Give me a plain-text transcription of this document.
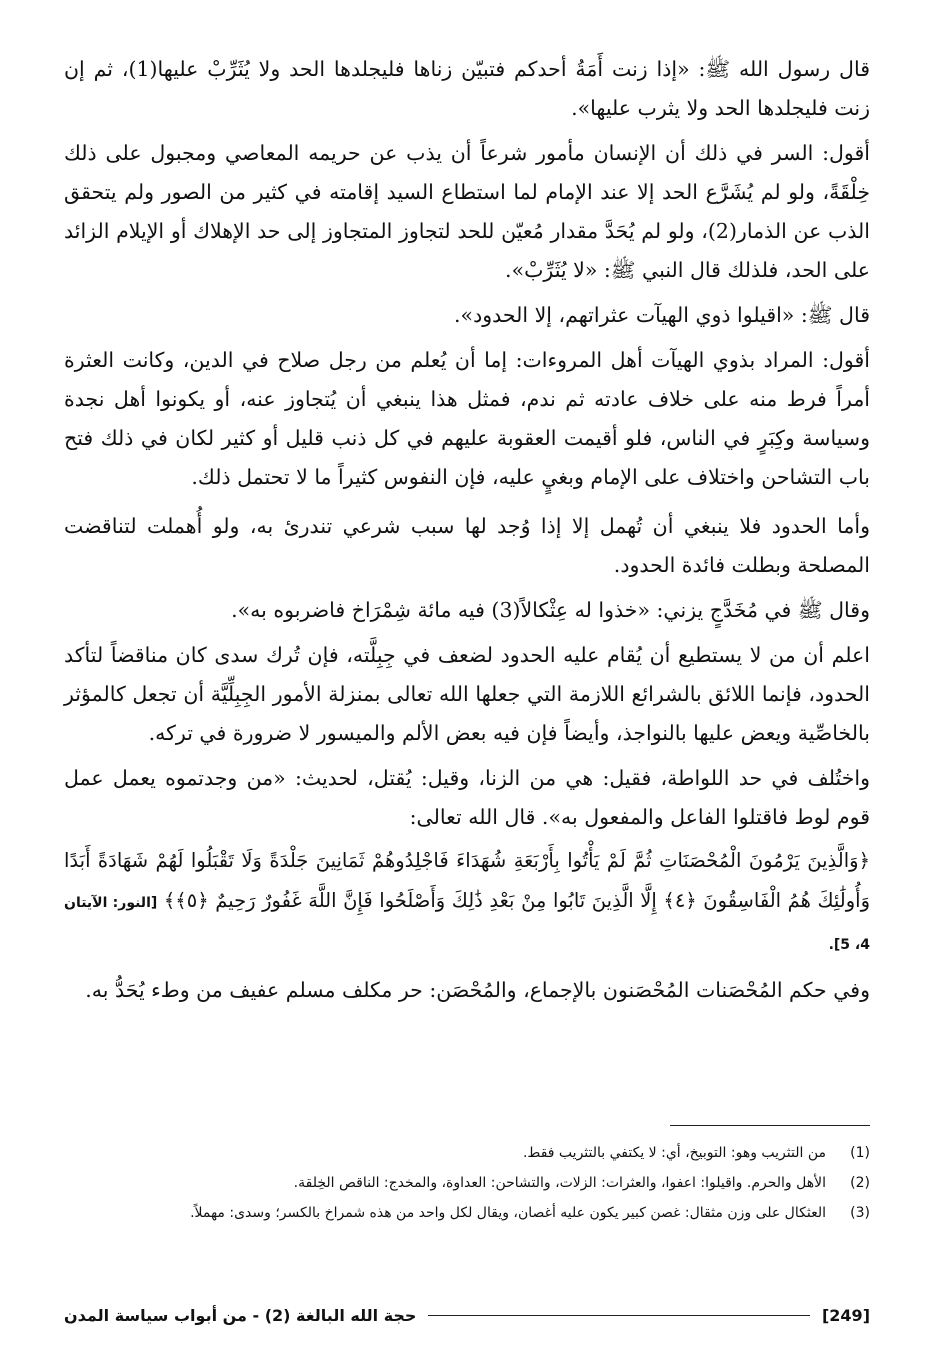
قال رسول الله ﷺ: «إذا زنت أَمَةُ أحدكم فتبيّن زناها فليجلدها الحد ولا يُثَرِّبْ عليها(1)، ثم إن زنت فليجلدها الحد ولا يثرب عليها».

أقول: السر في ذلك أن الإنسان مأمور شرعاً أن يذب عن حريمه المعاصي ومجبول على ذلك خِلْقَةً، ولو لم يُشَرَّع الحد إلا عند الإمام لما استطاع السيد إقامته في كثير من الصور ولم يتحقق الذب عن الذمار(2)، ولو لم يُحَدَّ مقدار مُعيّن للحد لتجاوز المتجاوز إلى حد الإهلاك أو الإيلام الزائد على الحد، فلذلك قال النبي ﷺ: «لا يُثَرِّبْ».

قال ﷺ: «اقيلوا ذوي الهيآت عثراتهم، إلا الحدود».

أقول: المراد بذوي الهيآت أهل المروءات: إما أن يُعلم من رجل صلاح في الدين، وكانت العثرة أمراً فرط منه على خلاف عادته ثم ندم، فمثل هذا ينبغي أن يُتجاوز عنه، أو يكونوا أهل نجدة وسياسة وكِبَرٍ في الناس، فلو أقيمت العقوبة عليهم في كل ذنب قليل أو كثير لكان في ذلك فتح باب التشاحن واختلاف على الإمام وبغيٍ عليه، فإن النفوس كثيراً ما لا تحتمل ذلك.

وأما الحدود فلا ينبغي أن تُهمل إلا إذا وُجد لها سبب شرعي تندرئ به، ولو أُهملت لتناقضت المصلحة وبطلت فائدة الحدود.

وقال ﷺ في مُخَدَّجٍ يزني: «خذوا له عِثْكالاً(3) فيه مائة شِمْرَاخ فاضربوه به».

اعلم أن من لا يستطيع أن يُقام عليه الحدود لضعف في جِبِلَّته، فإن تُرك سدى كان مناقضاً لتأكد الحدود، فإنما اللائق بالشرائع اللازمة التي جعلها الله تعالى بمنزلة الأمور الجِبِلِّيَّة أن تجعل كالمؤثر بالخاصِّية ويعض عليها بالنواجذ، وأيضاً فإن فيه بعض الألم والميسور لا ضرورة في تركه.

واختُلف في حد اللواطة، فقيل: هي من الزنا، وقيل: يُقتل، لحديث: «من وجدتموه يعمل عمل قوم لوط فاقتلوا الفاعل والمفعول به». قال الله تعالى:

﴿وَالَّذِينَ يَرْمُونَ الْمُحْصَنَاتِ ثُمَّ لَمْ يَأْتُوا بِأَرْبَعَةِ شُهَدَاءَ فَاجْلِدُوهُمْ ثَمَانِينَ جَلْدَةً وَلَا تَقْبَلُوا لَهُمْ شَهَادَةً أَبَدًا وَأُولَٰئِكَ هُمُ الْفَاسِقُونَ ﴿٤﴾ إِلَّا الَّذِينَ تَابُوا مِنْ بَعْدِ ذَٰلِكَ وَأَصْلَحُوا فَإِنَّ اللَّهَ غَفُورٌ رَحِيمٌ ﴿٥﴾﴾ [النور: الآيتان 4، 5].

وفي حكم المُحْصَنات المُحْصَنون بالإجماع، والمُحْصَن: حر مكلف مسلم عفيف من وطء يُحَدُّ به.

(1)
من التثريب وهو: التوبيخ، أي: لا يكتفي بالتثريب فقط.
(2)
الأهل والحرم. واقيلوا: اعفوا، والعثرات: الزلات، والتشاحن: العداوة، والمخدج: الناقص الخِلقة.
(3)
العثكال على وزن مثقال: غصن كبير يكون عليه أغصان، ويقال لكل واحد من هذه شمراخ بالكسر؛ وسدى: مهملاً.
[249]
حجة الله البالغة (2) - من أبواب سياسة المدن
